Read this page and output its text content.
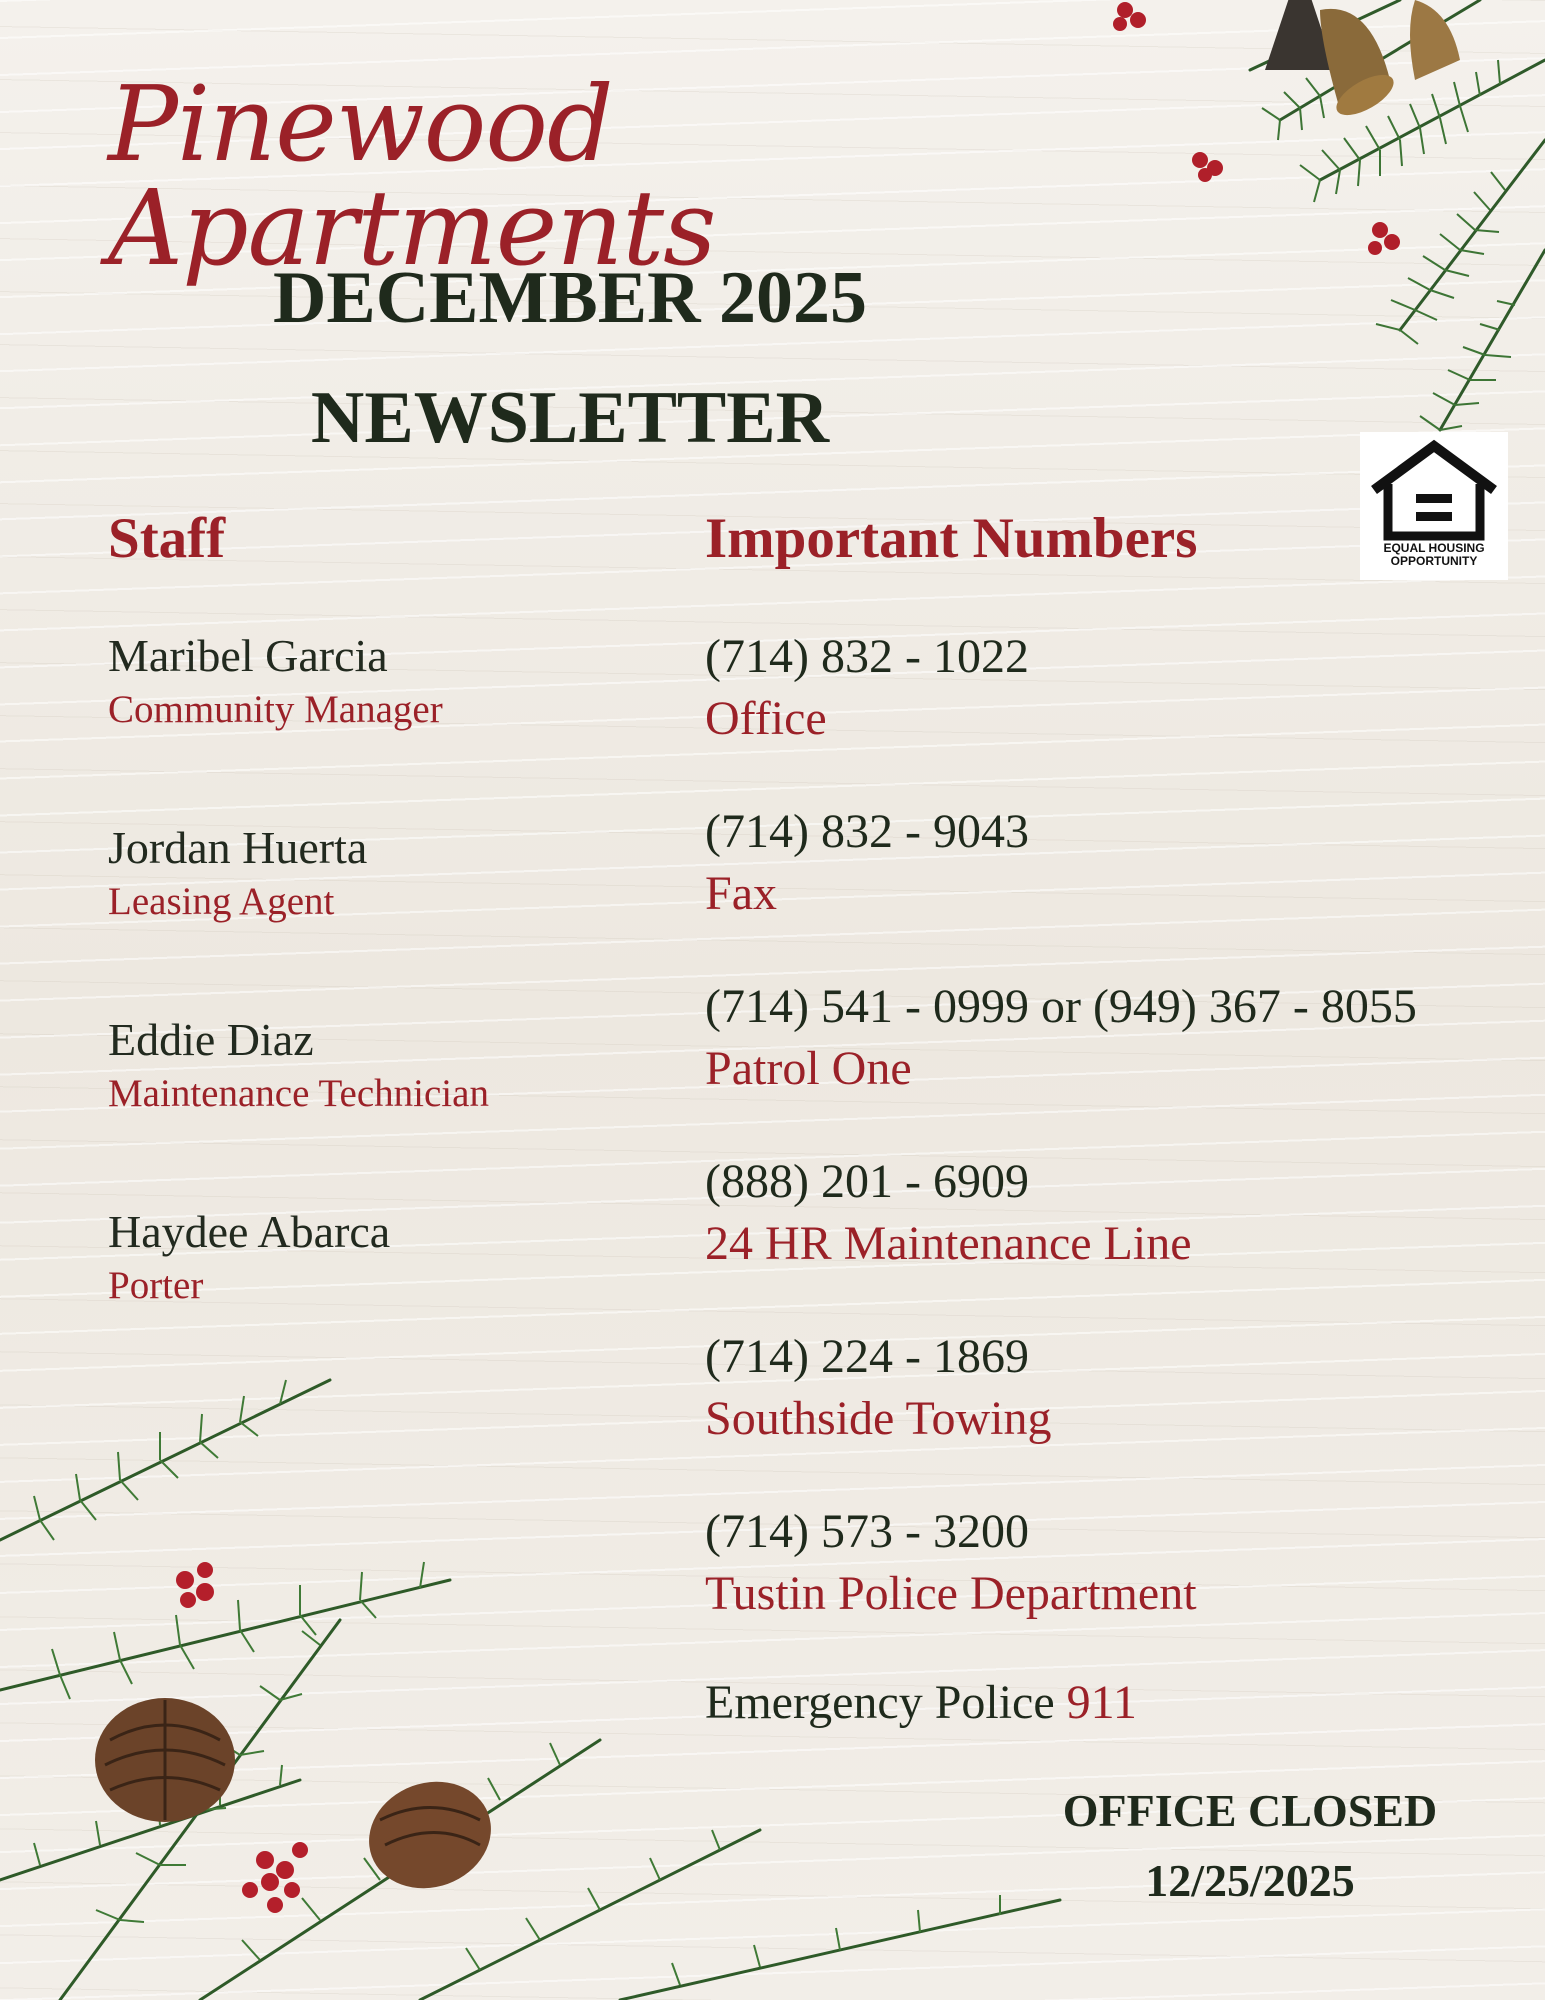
Pinewood Apartments
DECEMBER 2025
NEWSLETTER
EQUAL HOUSING
OPPORTUNITY
Staff
Maribel Garcia
Community Manager
Jordan Huerta
Leasing Agent
Eddie Diaz
Maintenance Technician
Haydee Abarca
Porter
Important Numbers
(714) 832 - 1022
Office
(714) 832 - 9043
Fax
(714) 541 - 0999 or (949) 367 - 8055
Patrol One
(888) 201 - 6909
24 HR Maintenance Line
(714) 224 - 1869
Southside Towing
(714) 573 - 3200
Tustin Police Department
Emergency Police 911
OFFICE CLOSED
12/25/2025
